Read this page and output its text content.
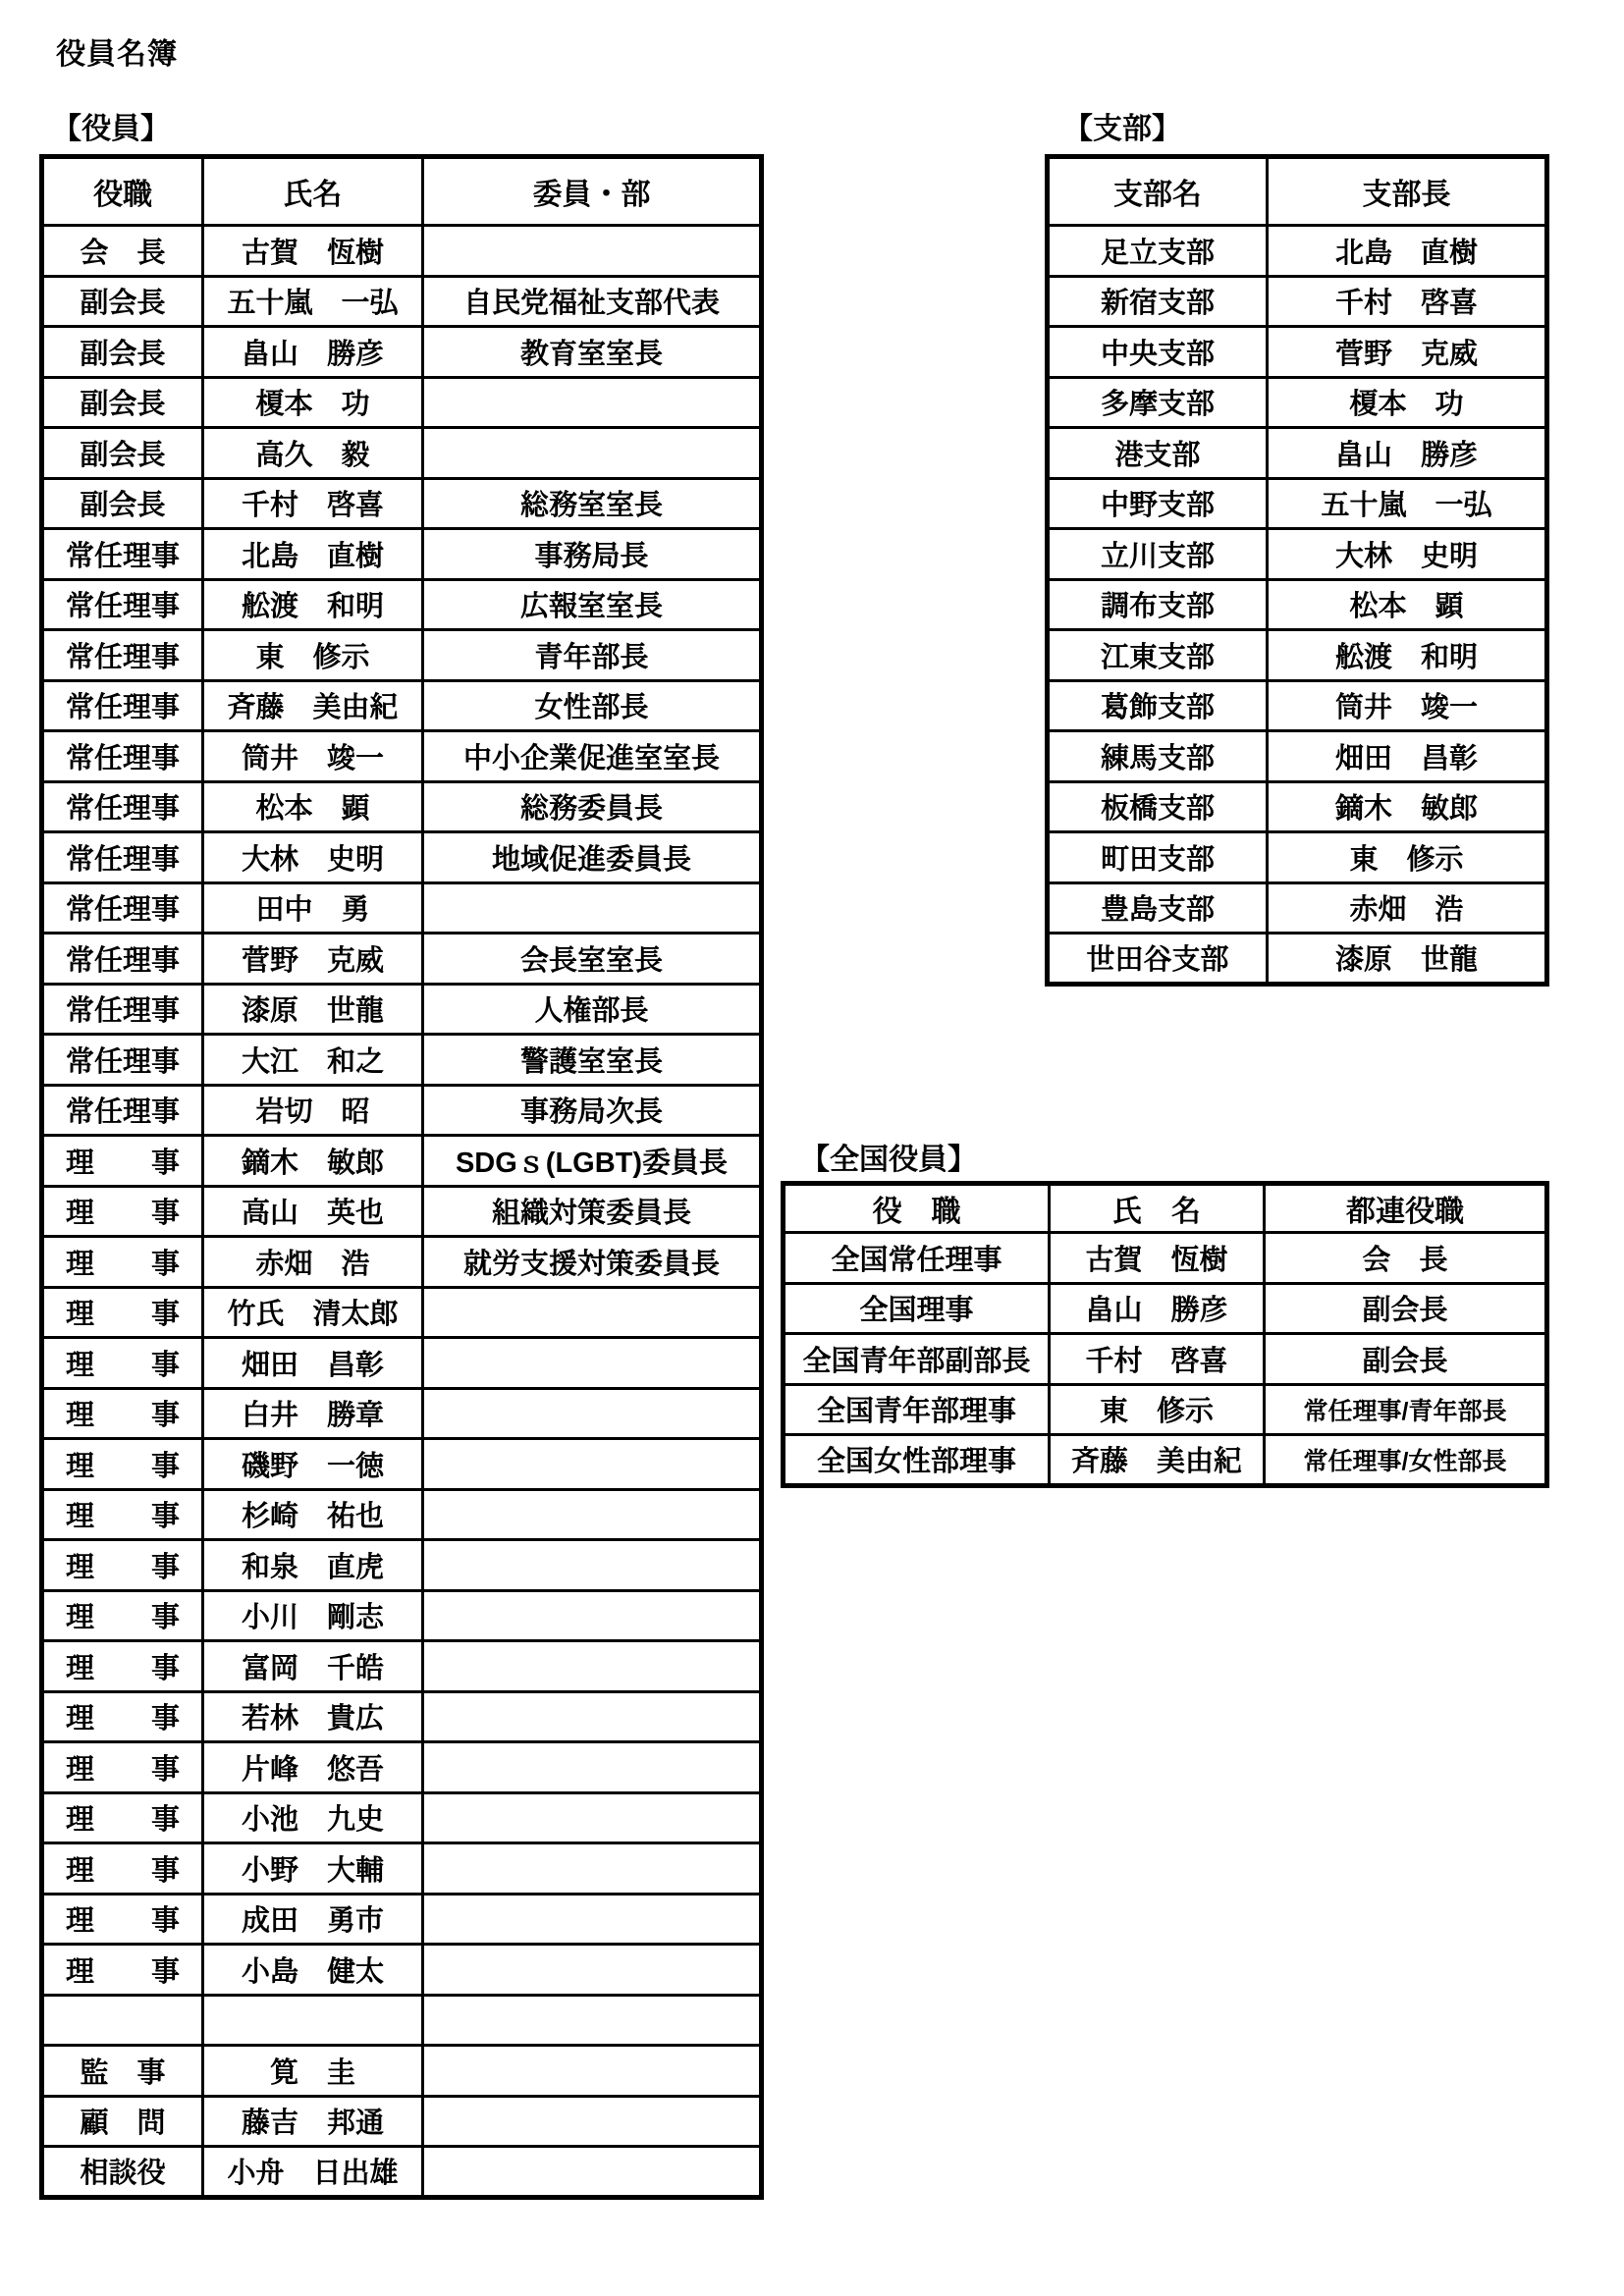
役員名簿
【役員】
役職	氏名	委員・部
会　長	古賀　恆樹	
副会長	五十嵐　一弘	自民党福祉支部代表
副会長	畠山　勝彦	教育室室長
副会長	榎本　功	
副会長	高久　毅	
副会長	千村　啓喜	総務室室長
常任理事	北島　直樹	事務局長
常任理事	舩渡　和明	広報室室長
常任理事	東　修示	青年部長
常任理事	斉藤　美由紀	女性部長
常任理事	筒井　竣一	中小企業促進室室長
常任理事	松本　顕	総務委員長
常任理事	大林　史明	地域促進委員長
常任理事	田中　勇	
常任理事	菅野　克威	会長室室長
常任理事	漆原　世龍	人権部長
常任理事	大江　和之	警護室室長
常任理事	岩切　昭	事務局次長
理　　事	鏑木　敏郎	SDGｓ(LGBT)委員長
理　　事	高山　英也	組織対策委員長
理　　事	赤畑　浩	就労支援対策委員長
理　　事	竹氏　清太郎	
理　　事	畑田　昌彰	
理　　事	白井　勝章	
理　　事	磯野　一徳	
理　　事	杉崎　祐也	
理　　事	和泉　直虎	
理　　事	小川　剛志	
理　　事	富岡　千皓	
理　　事	若林　貴広	
理　　事	片峰　悠吾	
理　　事	小池　九史	
理　　事	小野　大輔	
理　　事	成田　勇市	
理　　事	小島　健太	

監　事	筧　圭	
顧　問	藤吉　邦通	
相談役	小舟　日出雄	
【支部】
支部名	支部長
足立支部	北島　直樹
新宿支部	千村　啓喜
中央支部	菅野　克威
多摩支部	榎本　功
港支部	畠山　勝彦
中野支部	五十嵐　一弘
立川支部	大林　史明
調布支部	松本　顕
江東支部	舩渡　和明
葛飾支部	筒井　竣一
練馬支部	畑田　昌彰
板橋支部	鏑木　敏郎
町田支部	東　修示
豊島支部	赤畑　浩
世田谷支部	漆原　世龍
【全国役員】
役　職	氏　名	都連役職
全国常任理事	古賀　恆樹	会　長
全国理事	畠山　勝彦	副会長
全国青年部副部長	千村　啓喜	副会長
全国青年部理事	東　修示	常任理事/青年部長
全国女性部理事	斉藤　美由紀	常任理事/女性部長
